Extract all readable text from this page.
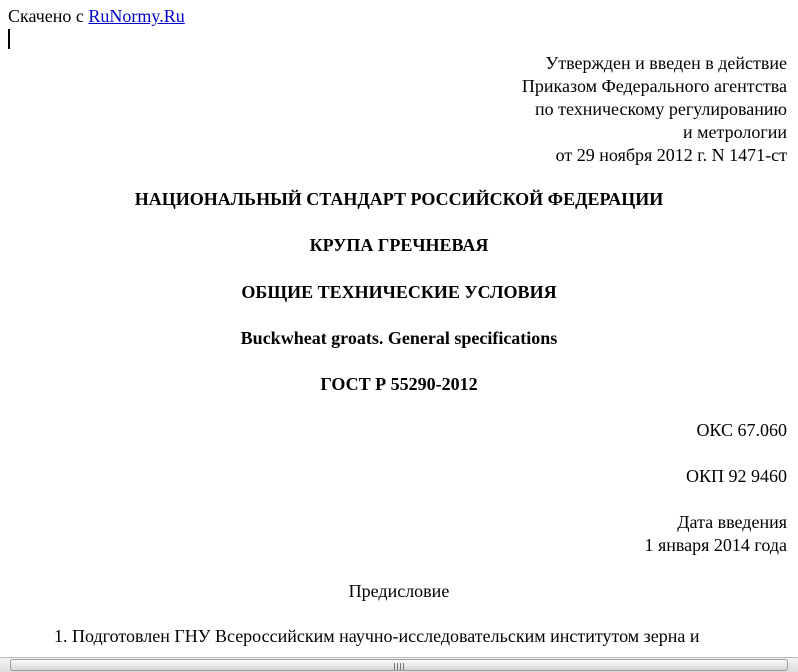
Скачено с RuNormy.Ru
Утвержден и введен в действие
Приказом Федерального агентства
по техническому регулированию
и метрологии
от 29 ноября 2012 г. N 1471-ст
НАЦИОНАЛЬНЫЙ СТАНДАРТ РОССИЙСКОЙ ФЕДЕРАЦИИ
КРУПА ГРЕЧНЕВАЯ
ОБЩИЕ ТЕХНИЧЕСКИЕ УСЛОВИЯ
Buckwheat groats. General specifications
ГОСТ Р 55290-2012
ОКС 67.060
ОКП 92 9460
Дата введения
1 января 2014 года
Предисловие
1. Подготовлен ГНУ Всероссийским научно-исследовательским институтом зерна и
